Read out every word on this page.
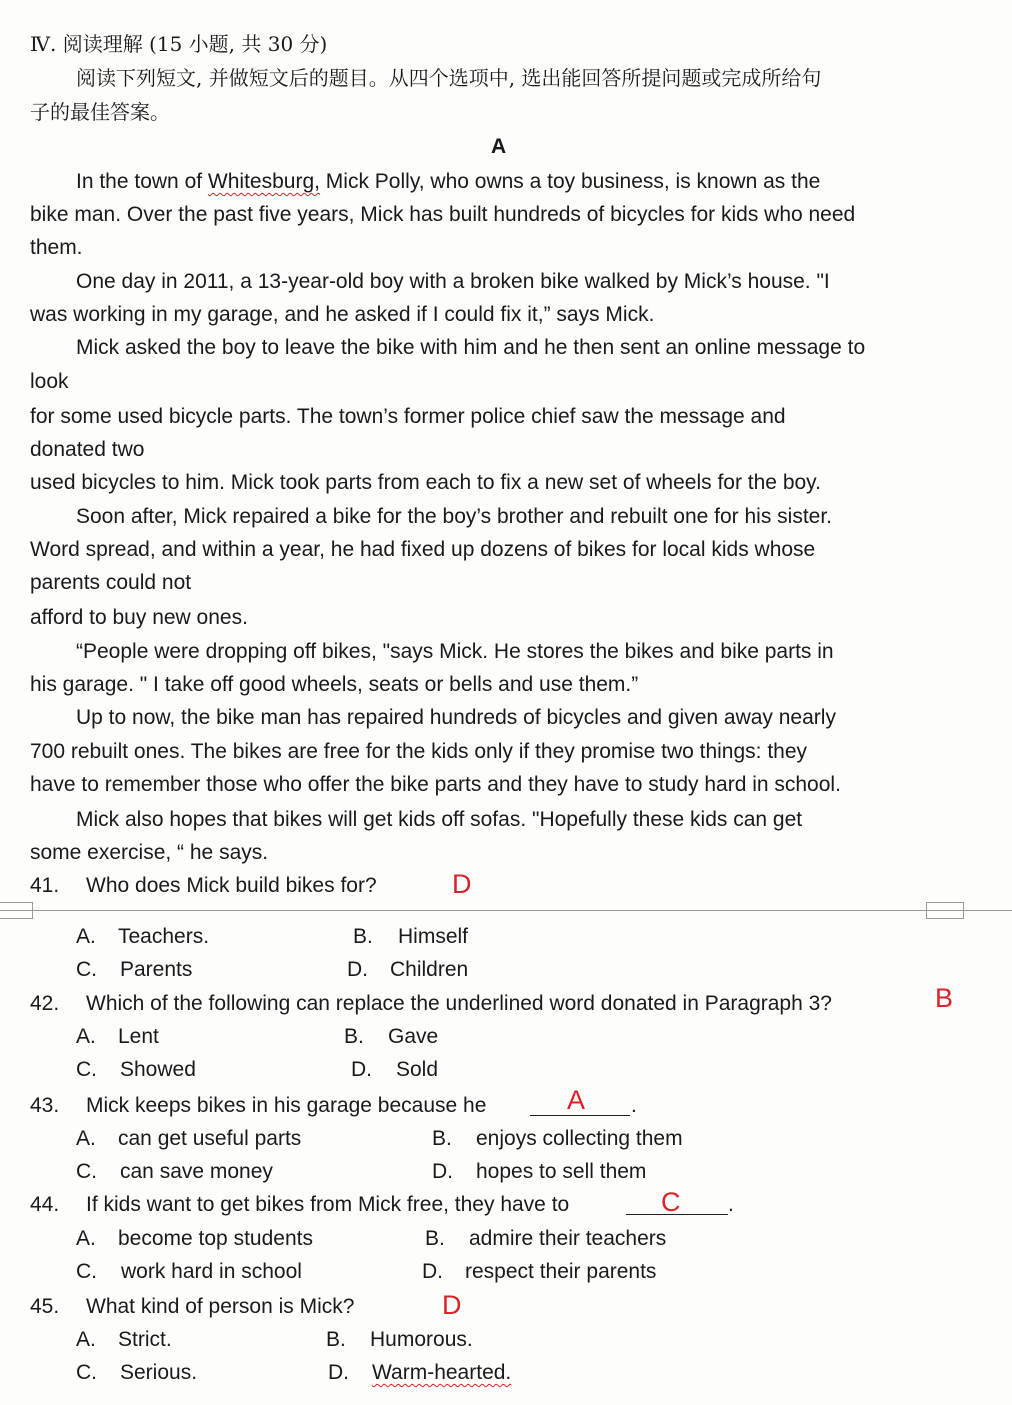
Ⅳ. 阅读理解 (15 小题, 共 30 分)
阅读下列短文, 并做短文后的题目。从四个选项中, 选出能回答所提问题或完成所给句
子的最佳答案。
A
In the town of Whitesburg, Mick Polly, who owns a toy business, is known as the
bike man. Over the past five years, Mick has built hundreds of bicycles for kids who need
them.
One day in 2011, a 13-year-old boy with a broken bike walked by Mick’s house. "I
was working in my garage, and he asked if I could fix it,” says Mick.
Mick asked the boy to leave the bike with him and he then sent an online message to
look
for some used bicycle parts. The town’s former police chief saw the message and
donated two
used bicycles to him. Mick took parts from each to fix a new set of wheels for the boy.
Soon after, Mick repaired a bike for the boy’s brother and rebuilt one for his sister.
Word spread, and within a year, he had fixed up dozens of bikes for local kids whose
parents could not
afford to buy new ones.
“People were dropping off bikes, "says Mick. He stores the bikes and bike parts in
his garage. " I take off good wheels, seats or bells and use them.”
Up to now, the bike man has repaired hundreds of bicycles and given away nearly
700 rebuilt ones. The bikes are free for the kids only if they promise two things: they
have to remember those who offer the bike parts and they have to study hard in school.
Mick also hopes that bikes will get kids off sofas. "Hopefully these kids can get
some exercise, “ he says.
41. Who does Mick build bikes for?	D
A. Teachers.	B. Himself
C. Parents	D. Children
42. Which of the following can replace the underlined word donated in Paragraph 3?	B
A. Lent	B. Gave
C. Showed	D. Sold
43. Mick keeps bikes in his garage because he	.
A
A. can get useful parts	B. enjoys collecting them
C. can save money	D. hopes to sell them
44. If kids want to get bikes from Mick free, they have to	.
C
A. become top students	B. admire their teachers
C. work hard in school	D. respect their parents
45. What kind of person is Mick?	D
A. Strict.	B. Humorous.
C. Serious.	D. Warm-hearted.
